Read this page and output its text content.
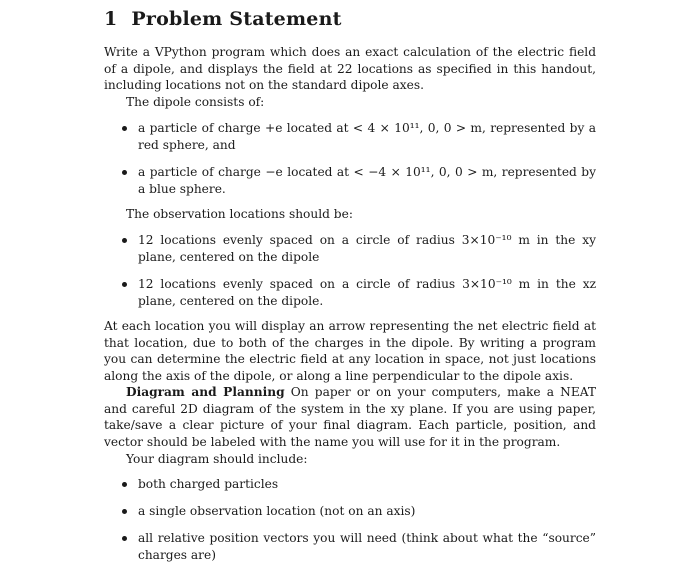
1 Problem Statement

Write a VPython program which does an exact calculation of the electric field of a dipole, and displays the field at 22 locations as specified in this handout, including locations not on the standard dipole axes.

The dipole consists of:

a particle of charge +e located at < 4 × 10¹¹, 0, 0 > m, represented by a red sphere, and

a particle of charge −e located at < −4 × 10¹¹, 0, 0 > m, represented by a blue sphere.

The observation locations should be:

12 locations evenly spaced on a circle of radius 3×10⁻¹⁰ m in the xy plane, centered on the dipole

12 locations evenly spaced on a circle of radius 3×10⁻¹⁰ m in the xz plane, centered on the dipole.

At each location you will display an arrow representing the net electric field at that location, due to both of the charges in the dipole. By writing a program you can determine the electric field at any location in space, not just locations along the axis of the dipole, or along a line perpendicular to the dipole axis.

Diagram and Planning On paper or on your computers, make a NEAT and careful 2D diagram of the system in the xy plane. If you are using paper, take/save a clear picture of your final diagram. Each particle, position, and vector should be labeled with the name you will use for it in the program.

Your diagram should include:

both charged particles

a single observation location (not on an axis)

all relative position vectors you will need (think about what the “source” charges are)
